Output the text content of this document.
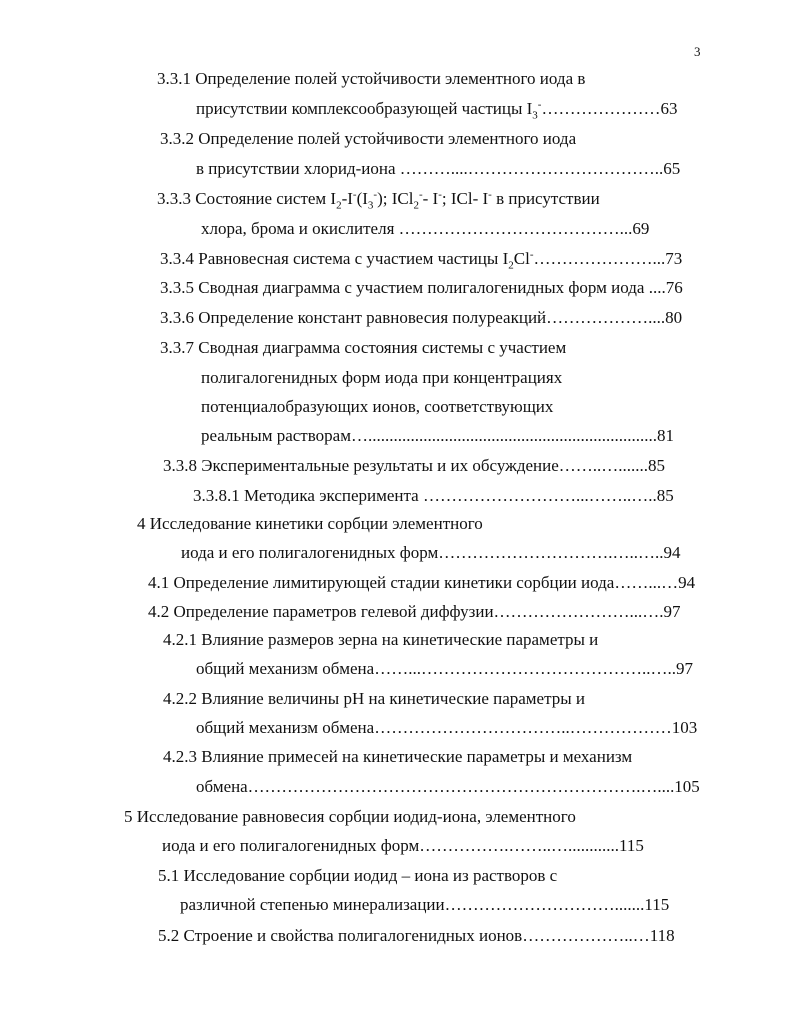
3
3.3.1 Определение полей устойчивости элементного иода в
присутствии комплексообразующей частицы $I_3^-\dots\dots\dots\dots\dots\dots\dots 63$
3.3.2 Определение полей устойчивости элементного иода
в присутствии хлорид-иона ………....……………………………..65
3.3.3 Состояние систем $I_2-I^-(I_3^-)$; ICl$_2$-- I-; ICl- I- в присутствии
хлора, брома и окислителя …………………………………...69
3.3.4 Равновесная система с участием частицы $I_2Cl^-\dots\dots\dots\dots\dots\dots\dots...73$
3.3.5 Сводная диаграмма с участием полигалогенидных форм иода ....76
3.3.6 Определение констант равновесия полуреакций………………....80
3.3.7 Сводная диаграмма состояния системы с участием
полигалогенидных форм иода при концентрациях
потенциалобразующих ионов, соответствующих
реальным растворам…....................................................................81
3.3.8 Экспериментальные результаты и их обсуждение……..….......85
3.3.8.1 Методика эксперимента ………………………...……..…..85
4 Исследование кинетики сорбции элементного
иода и его полигалогенидных форм………………………….…..…..94
4.1 Определение лимитирующей стадии кинетики сорбции иода……...…94
4.2 Определение параметров гелевой диффузии……………………...….97
4.2.1 Влияние размеров зерна на кинетические параметры и
общий механизм обмена……...…………………………………..…..97
4.2.2 Влияние величины рН на кинетические параметры и
общий механизм обмена……………………………..………………103
4.2.3 Влияние примесей на кинетические параметры и механизм
обмена…………………………………………………………….…....105
5 Исследование равновесия сорбции иодид-иона, элементного
иода и его полигалогенидных форм…………….……..…............115
5.1 Исследование сорбции иодид – иона из растворов с
различной степенью минерализации………………………….......115
5.2 Строение и свойства полигалогенидных ионов………………..…118
